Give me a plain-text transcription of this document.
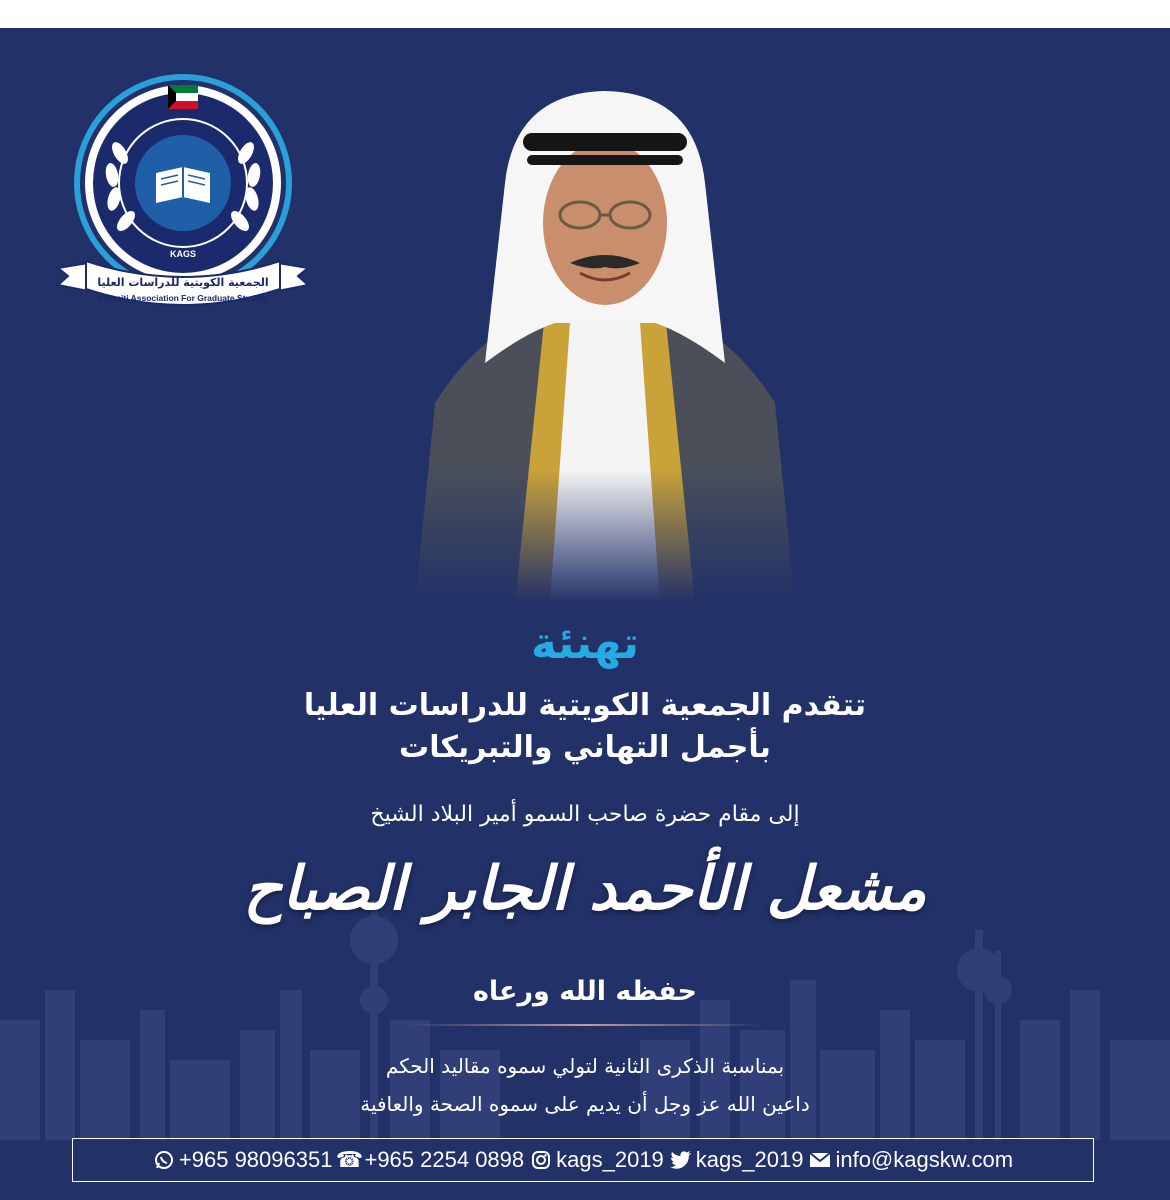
KAGS
الجمعية الكويتية للدراسات العليا
Kuwaiti Association For Graduate Studies
تهنئة

تتقدم الجمعية الكويتية للدراسات العليا

بأجمل التهاني والتبريكات

إلى مقام حضرة صاحب السمو أمير البلاد الشيخ

مشعل الأحمد الجابر الصباح

حفظه الله ورعاه

بمناسبة الذكرى الثانية لتولي سموه مقاليد الحكم

داعين الله عز وجل أن يديم على سموه الصحة والعافية

+965 98096351 ☎ +965 2254 0898 kags_2019 kags_2019 info@kagskw.com
